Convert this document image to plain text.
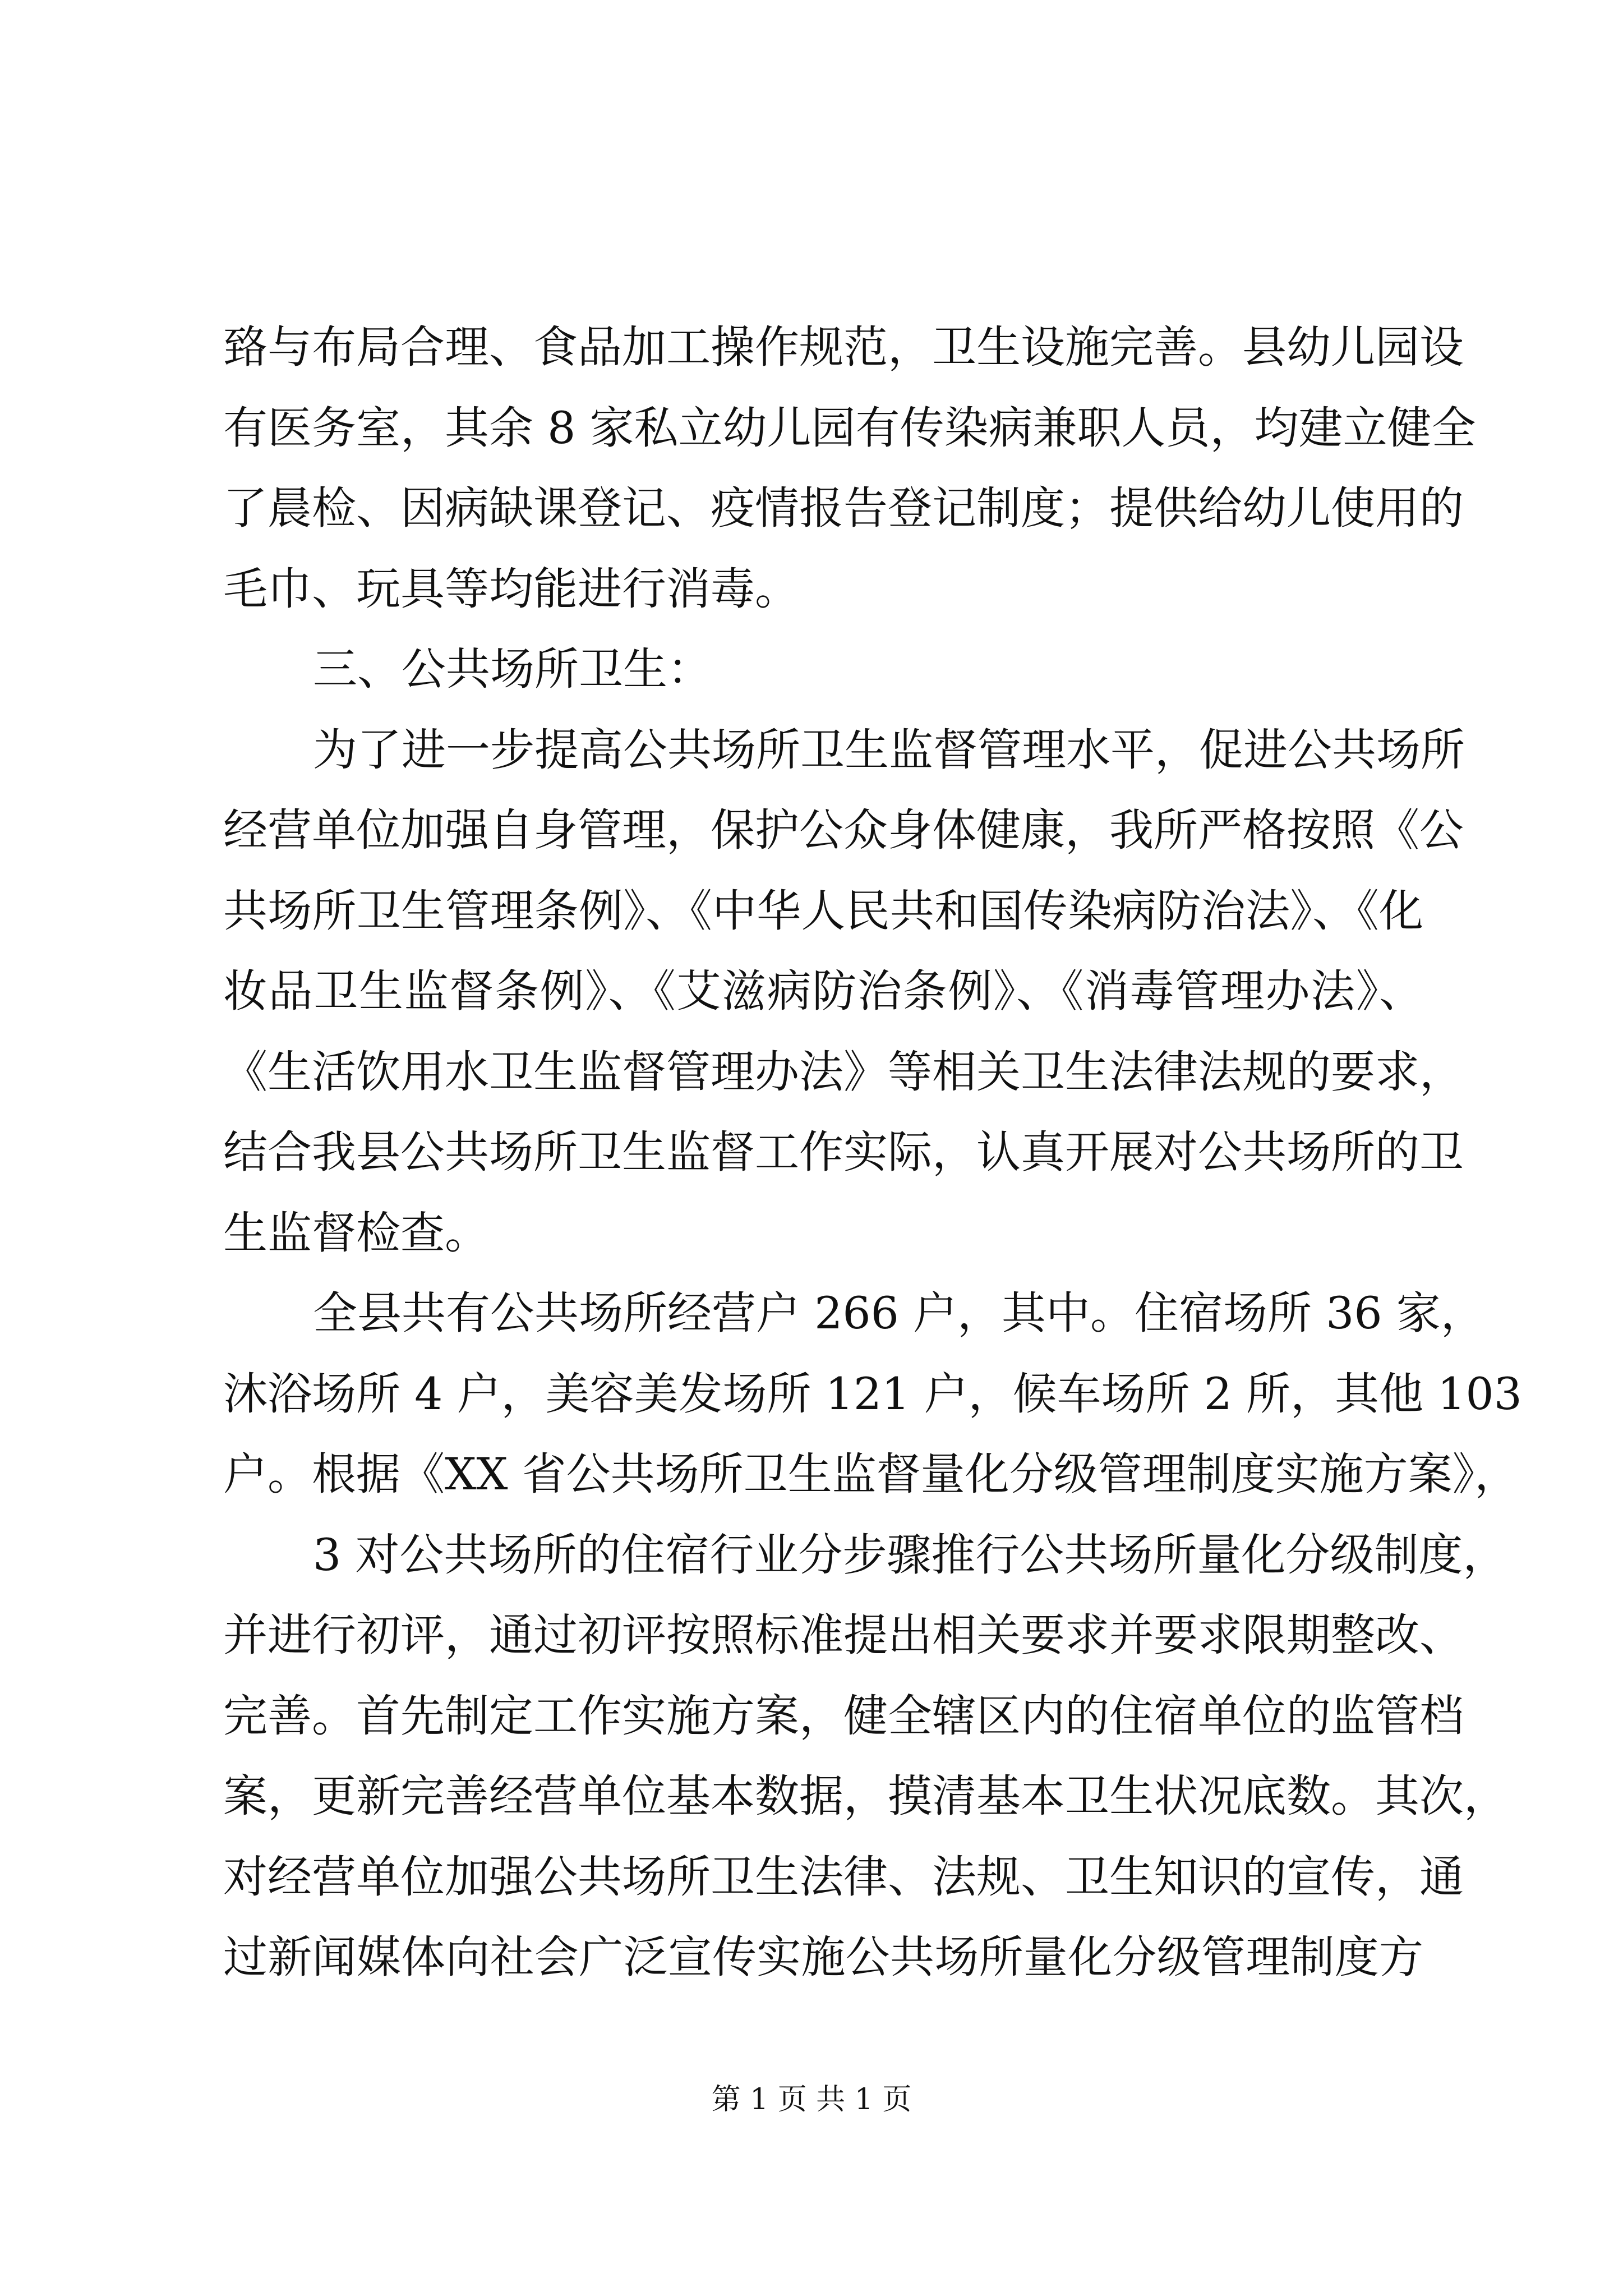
臵与布局合理、食品加工操作规范，卫生设施完善。县幼儿园设
有医务室，其余 8 家私立幼儿园有传染病兼职人员，均建立健全
了晨检、因病缺课登记、疫情报告登记制度；提供给幼儿使用的
毛巾、玩具等均能进行消毒。
三、公共场所卫生：
为了进一步提高公共场所卫生监督管理水平，促进公共场所
经营单位加强自身管理，保护公众身体健康，我所严格按照《公
共场所卫生管理条例》、《中华人民共和国传染病防治法》、《化
妆品卫生监督条例》、《艾滋病防治条例》、《消毒管理办法》、
《生活饮用水卫生监督管理办法》等相关卫生法律法规的要求，
结合我县公共场所卫生监督工作实际，认真开展对公共场所的卫
生监督检查。
全县共有公共场所经营户 266 户，其中。住宿场所 36 家，
沐浴场所 4 户，美容美发场所 121 户，候车场所 2 所，其他 103
户。根据《XX 省公共场所卫生监督量化分级管理制度实施方案》，
3 对公共场所的住宿行业分步骤推行公共场所量化分级制度，
并进行初评，通过初评按照标准提出相关要求并要求限期整改、
完善。首先制定工作实施方案，健全辖区内的住宿单位的监管档
案，更新完善经营单位基本数据，摸清基本卫生状况底数。其次，
对经营单位加强公共场所卫生法律、法规、卫生知识的宣传，通
过新闻媒体向社会广泛宣传实施公共场所量化分级管理制度方
第 1 页 共 1 页
